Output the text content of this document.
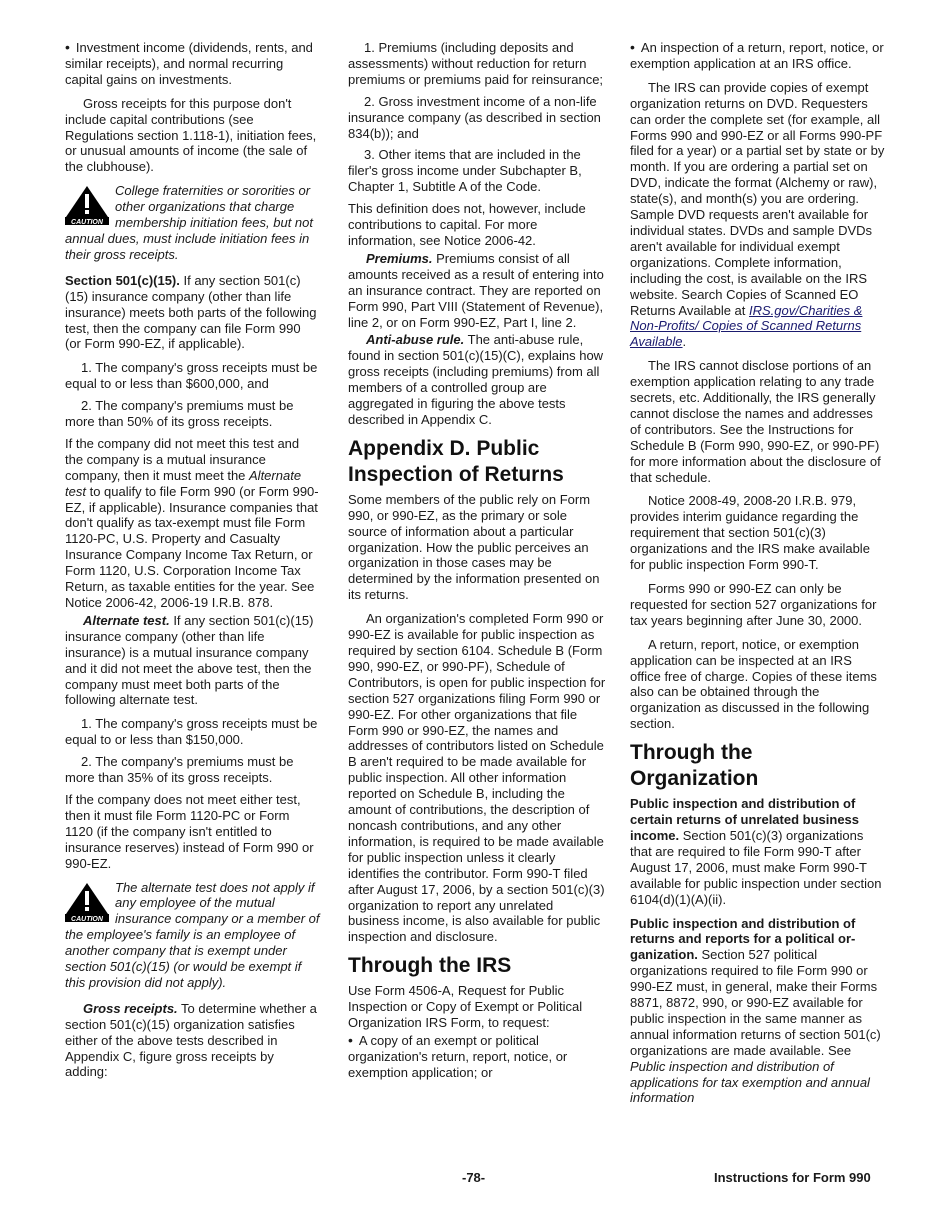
• Investment income (dividends, rents, and similar receipts), and normal recurring capital gains on investments.

Gross receipts for this purpose don't include capital contributions (see Regulations section 1.118-1), initiation fees, or unusual amounts of income (the sale of the clubhouse).

CAUTION
College fraternities or sororities or other organizations that charge membership initiation fees, but not annual dues, must include initiation fees in their gross receipts.

Section 501(c)(15). If any section 501(c)(15) insurance company (other than life insurance) meets both parts of the following test, then the company can file Form 990 (or Form 990-EZ, if applicable).

1. The company's gross receipts must be equal to or less than $600,000, and

2. The company's premiums must be more than 50% of its gross receipts.

If the company did not meet this test and the company is a mutual insurance company, then it must meet the Alternate test to qualify to file Form 990 (or Form 990-EZ, if applicable). Insurance companies that don't qualify as tax-exempt must file Form 1120-PC, U.S. Property and Casualty Insurance Company Income Tax Return, or Form 1120, U.S. Corporation Income Tax Return, as taxable entities for the year. See Notice 2006-42, 2006-19 I.R.B. 878.

Alternate test. If any section 501(c)(15) insurance company (other than life insurance) is a mutual insurance company and it did not meet the above test, then the company must meet both parts of the following alternate test.

1. The company's gross receipts must be equal to or less than $150,000.

2. The company's premiums must be more than 35% of its gross receipts.

If the company does not meet either test, then it must file Form 1120-PC or Form 1120 (if the company isn't entitled to insurance reserves) instead of Form 990 or 990-EZ.

CAUTION
The alternate test does not apply if any employee of the mutual insurance company or a member of the employee's family is an employee of another company that is exempt under section 501(c)(15) (or would be exempt if this provision did not apply).

Gross receipts. To determine whether a section 501(c)(15) organization satisfies either of the above tests described in Appendix C, figure gross receipts by adding:

1. Premiums (including deposits and assessments) without reduction for return premiums or premiums paid for reinsurance;

2. Gross investment income of a non-life insurance company (as described in section 834(b)); and

3. Other items that are included in the filer's gross income under Subchapter B, Chapter 1, Subtitle A of the Code.

This definition does not, however, include contributions to capital. For more information, see Notice 2006-42.

Premiums. Premiums consist of all amounts received as a result of entering into an insurance contract. They are reported on Form 990, Part VIII (Statement of Revenue), line 2, or on Form 990-EZ, Part I, line 2.

Anti-abuse rule. The anti-abuse rule, found in section 501(c)(15)(C), explains how gross receipts (including premiums) from all members of a controlled group are aggregated in figuring the above tests described in Appendix C.

Appendix D. Public Inspection of Returns

Some members of the public rely on Form 990, or 990-EZ, as the primary or sole source of information about a particular organization. How the public perceives an organization in those cases may be determined by the information presented on its returns.

An organization's completed Form 990 or 990-EZ is available for public inspection as required by section 6104. Schedule B (Form 990, 990-EZ, or 990-PF), Schedule of Contributors, is open for public inspection for section 527 organizations filing Form 990 or 990-EZ. For other organizations that file Form 990 or 990-EZ, the names and addresses of contributors listed on Schedule B aren't required to be made available for public inspection. All other information reported on Schedule B, including the amount of contributions, the description of noncash contributions, and any other information, is required to be made available for public inspection unless it clearly identifies the contributor. Form 990-T filed after August 17, 2006, by a section 501(c)(3) organization to report any unrelated business income, is also available for public inspection and disclosure.

Through the IRS

Use Form 4506-A, Request for Public Inspection or Copy of Exempt or Political Organization IRS Form, to request:

• A copy of an exempt or political organization's return, report, notice, or exemption application; or

• An inspection of a return, report, notice, or exemption application at an IRS office.

The IRS can provide copies of exempt organization returns on DVD. Requesters can order the complete set (for example, all Forms 990 and 990-EZ or all Forms 990-PF filed for a year) or a partial set by state or by month. If you are ordering a partial set on DVD, indicate the format (Alchemy or raw), state(s), and month(s) you are ordering. Sample DVD requests aren't available for individual states. DVDs and sample DVDs aren't available for individual exempt organizations. Complete information, including the cost, is available on the IRS website. Search Copies of Scanned EO Returns Available at IRS.gov/Charities & Non-Profits/ Copies of Scanned Returns Available.

The IRS cannot disclose portions of an exemption application relating to any trade secrets, etc. Additionally, the IRS generally cannot disclose the names and addresses of contributors. See the Instructions for Schedule B (Form 990, 990-EZ, or 990-PF) for more information about the disclosure of that schedule.

Notice 2008-49, 2008-20 I.R.B. 979, provides interim guidance regarding the requirement that section 501(c)(3) organizations and the IRS make available for public inspection Form 990-T.

Forms 990 or 990-EZ can only be requested for section 527 organizations for tax years beginning after June 30, 2000.

A return, report, notice, or exemption application can be inspected at an IRS office free of charge. Copies of these items also can be obtained through the organization as discussed in the following section.

Through the Organization

Public inspection and distribution of certain returns of unrelated business income. Section 501(c)(3) organizations that are required to file Form 990-T after August 17, 2006, must make Form 990-T available for public inspection under section 6104(d)(1)(A)(ii).

Public inspection and distribution of returns and reports for a political or-ganization. Section 527 political organizations required to file Form 990 or 990-EZ must, in general, make their Forms 8871, 8872, 990, or 990-EZ available for public inspection in the same manner as annual information returns of section 501(c) organizations are made available. See Public inspection and distribution of applications for tax exemption and annual information

-78-	Instructions for Form 990
